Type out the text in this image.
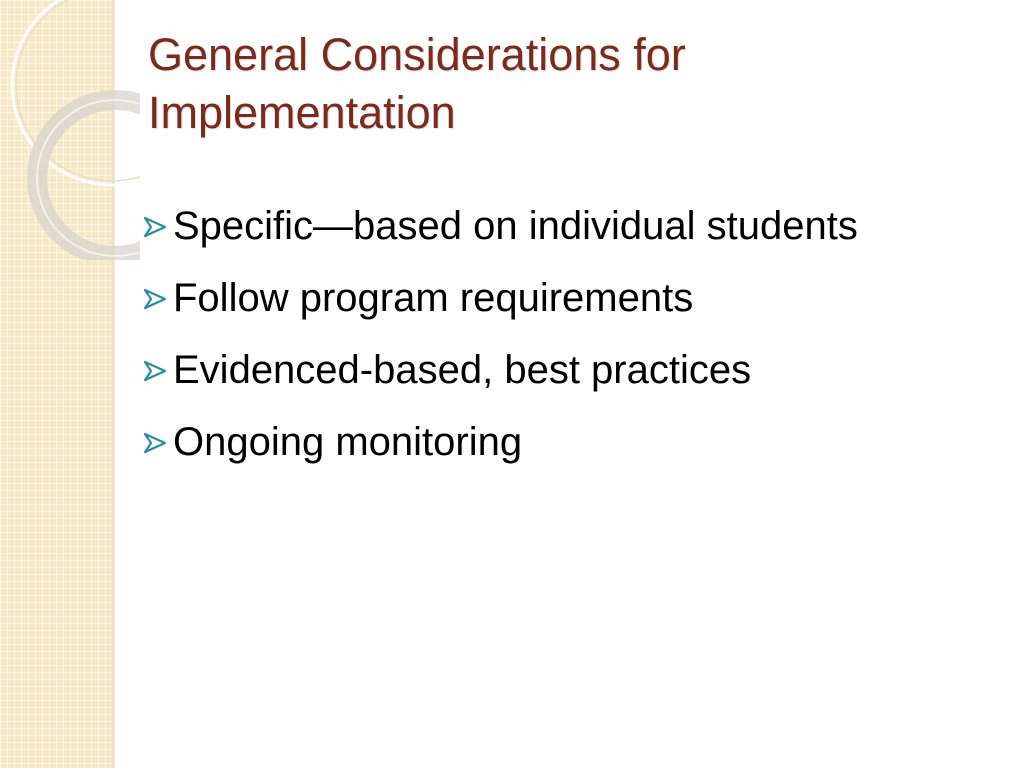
General Considerations for Implementation
Specific—based on individual students
Follow program requirements
Evidenced-based, best practices
Ongoing monitoring
